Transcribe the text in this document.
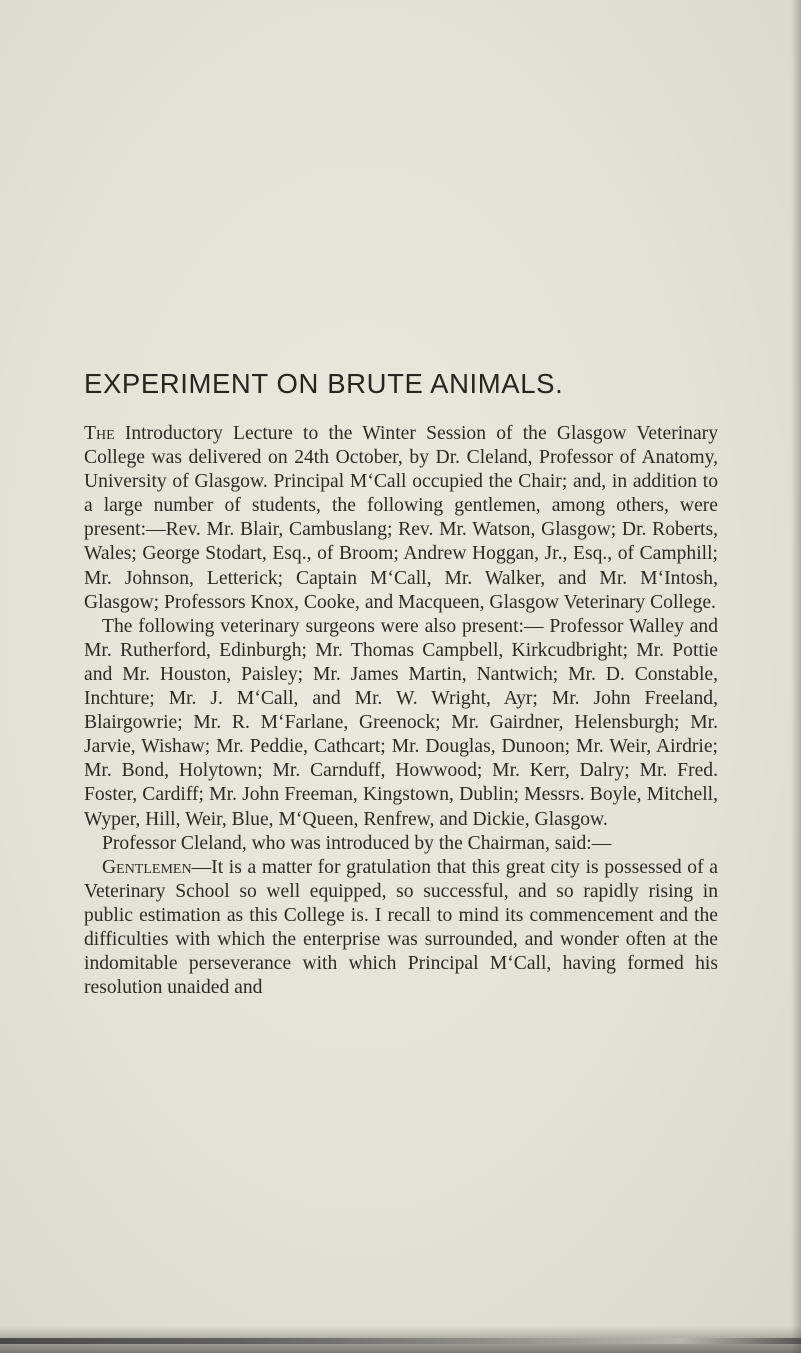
EXPERIMENT ON BRUTE ANIMALS.

The Introductory Lecture to the Winter Session of the Glasgow Veterinary College was delivered on 24th October, by Dr. Cleland, Professor of Anatomy, University of Glasgow. Principal M‘Call occupied the Chair; and, in addition to a large number of students, the following gentlemen, among others, were present:—Rev. Mr. Blair, Cambuslang; Rev. Mr. Watson, Glasgow; Dr. Roberts, Wales; George Stodart, Esq., of Broom; Andrew Hoggan, Jr., Esq., of Camphill; Mr. Johnson, Letterick; Captain M‘Call, Mr. Walker, and Mr. M‘Intosh, Glasgow; Professors Knox, Cooke, and Macqueen, Glasgow Veterinary College.

The following veterinary surgeons were also present:— Professor Walley and Mr. Rutherford, Edinburgh; Mr. Thomas Campbell, Kirkcudbright; Mr. Pottie and Mr. Houston, Paisley; Mr. James Martin, Nantwich; Mr. D. Constable, Inchture; Mr. J. M‘Call, and Mr. W. Wright, Ayr; Mr. John Freeland, Blairgowrie; Mr. R. M‘Farlane, Greenock; Mr. Gairdner, Helensburgh; Mr. Jarvie, Wishaw; Mr. Peddie, Cathcart; Mr. Douglas, Dunoon; Mr. Weir, Airdrie; Mr. Bond, Holytown; Mr. Carnduff, Howwood; Mr. Kerr, Dalry; Mr. Fred. Foster, Cardiff; Mr. John Freeman, Kingstown, Dublin; Messrs. Boyle, Mitchell, Wyper, Hill, Weir, Blue, M‘Queen, Renfrew, and Dickie, Glasgow.

Professor Cleland, who was introduced by the Chairman, said:—

Gentlemen—It is a matter for gratulation that this great city is possessed of a Veterinary School so well equipped, so successful, and so rapidly rising in public estimation as this College is. I recall to mind its commencement and the difficulties with which the enterprise was surrounded, and wonder often at the indomitable perseverance with which Principal M‘Call, having formed his resolution unaided and
